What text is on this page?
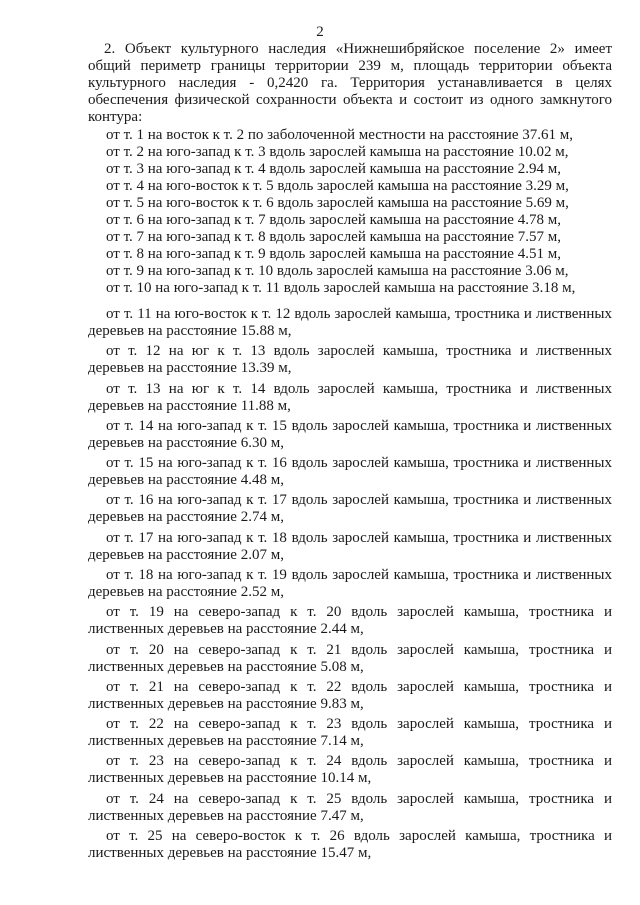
2

2. Объект культурного наследия «Нижнешибряйское поселение 2» имеет общий периметр границы территории 239 м, площадь территории объекта культурного наследия - 0,2420 га. Территория устанавливается в целях обеспечения физической сохранности объекта и состоит из одного замкнутого контура:

от т. 1 на восток к т. 2 по заболоченной местности на расстояние 37.61 м,

от т. 2 на юго-запад к т. 3 вдоль зарослей камыша на расстояние 10.02 м,

от т. 3 на юго-запад к т. 4 вдоль зарослей камыша на расстояние 2.94 м,

от т. 4 на юго-восток к т. 5 вдоль зарослей камыша на расстояние 3.29 м,

от т. 5 на юго-восток к т. 6 вдоль зарослей камыша на расстояние 5.69 м,

от т. 6 на юго-запад к т. 7 вдоль зарослей камыша на расстояние 4.78 м,

от т. 7 на юго-запад к т. 8 вдоль зарослей камыша на расстояние 7.57 м,

от т. 8 на юго-запад к т. 9 вдоль зарослей камыша на расстояние 4.51 м,

от т. 9 на юго-запад к т. 10 вдоль зарослей камыша на расстояние 3.06 м,

от т. 10 на юго-запад к т. 11 вдоль зарослей камыша на расстояние 3.18 м,

от т. 11 на юго-восток к т. 12 вдоль зарослей камыша, тростника и лиственных деревьев на расстояние 15.88 м,

от т. 12 на юг к т. 13 вдоль зарослей камыша, тростника и лиственных деревьев на расстояние 13.39 м,

от т. 13 на юг к т. 14 вдоль зарослей камыша, тростника и лиственных деревьев на расстояние 11.88 м,

от т. 14 на юго-запад к т. 15 вдоль зарослей камыша, тростника и лиственных деревьев на расстояние 6.30 м,

от т. 15 на юго-запад к т. 16 вдоль зарослей камыша, тростника и лиственных деревьев на расстояние 4.48 м,

от т. 16 на юго-запад к т. 17 вдоль зарослей камыша, тростника и лиственных деревьев на расстояние 2.74 м,

от т. 17 на юго-запад к т. 18 вдоль зарослей камыша, тростника и лиственных деревьев на расстояние 2.07 м,

от т. 18 на юго-запад к т. 19 вдоль зарослей камыша, тростника и лиственных деревьев на расстояние 2.52 м,

от т. 19 на северо-запад к т. 20 вдоль зарослей камыша, тростника и лиственных деревьев на расстояние 2.44 м,

от т. 20 на северо-запад к т. 21 вдоль зарослей камыша, тростника и лиственных деревьев на расстояние 5.08 м,

от т. 21 на северо-запад к т. 22 вдоль зарослей камыша, тростника и лиственных деревьев на расстояние 9.83 м,

от т. 22 на северо-запад к т. 23 вдоль зарослей камыша, тростника и лиственных деревьев на расстояние 7.14 м,

от т. 23 на северо-запад к т. 24 вдоль зарослей камыша, тростника и лиственных деревьев на расстояние 10.14 м,

от т. 24 на северо-запад к т. 25 вдоль зарослей камыша, тростника и лиственных деревьев на расстояние 7.47 м,

от т. 25 на северо-восток к т. 26 вдоль зарослей камыша, тростника и лиственных деревьев на расстояние 15.47 м,
